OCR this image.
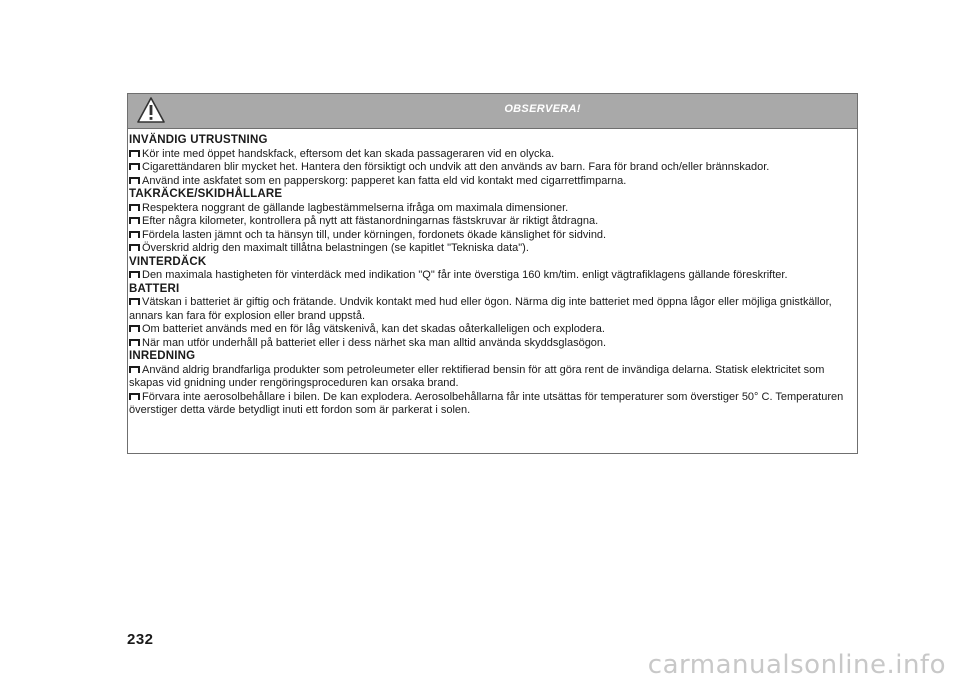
OBSERVERA!
INVÄNDIG UTRUSTNING
Kör inte med öppet handskfack, eftersom det kan skada passageraren vid en olycka.
Cigarettändaren blir mycket het. Hantera den försiktigt och undvik att den används av barn. Fara för brand och/eller brännskador.
Använd inte askfatet som en papperskorg: papperet kan fatta eld vid kontakt med cigarrettfimparna.
TAKRÄCKE/SKIDHÅLLARE
Respektera noggrant de gällande lagbestämmelserna ifråga om maximala dimensioner.
Efter några kilometer, kontrollera på nytt att fästanordningarnas fästskruvar är riktigt åtdragna.
Fördela lasten jämnt och ta hänsyn till, under körningen, fordonets ökade känslighet för sidvind.
Överskrid aldrig den maximalt tillåtna belastningen (se kapitlet "Tekniska data").
VINTERDÄCK
Den maximala hastigheten för vinterdäck med indikation "Q" får inte överstiga 160 km/tim. enligt vägtrafiklagens gällande föreskrifter.
BATTERI
Vätskan i batteriet är giftig och frätande. Undvik kontakt med hud eller ögon. Närma dig inte batteriet med öppna lågor eller möjliga gnistkällor, annars kan fara för explosion eller brand uppstå.
Om batteriet används med en för låg vätskenivå, kan det skadas oåterkalleligen och explodera.
När man utför underhåll på batteriet eller i dess närhet ska man alltid använda skyddsglasögon.
INREDNING
Använd aldrig brandfarliga produkter som petroleumeter eller rektifierad bensin för att göra rent de invändiga delarna. Statisk elektricitet som skapas vid gnidning under rengöringsproceduren kan orsaka brand.
Förvara inte aerosolbehållare i bilen. De kan explodera. Aerosolbehållarna får inte utsättas för temperaturer som överstiger 50° C. Temperaturen överstiger detta värde betydligt inuti ett fordon som är parkerat i solen.
232
carmanualsonline.info
